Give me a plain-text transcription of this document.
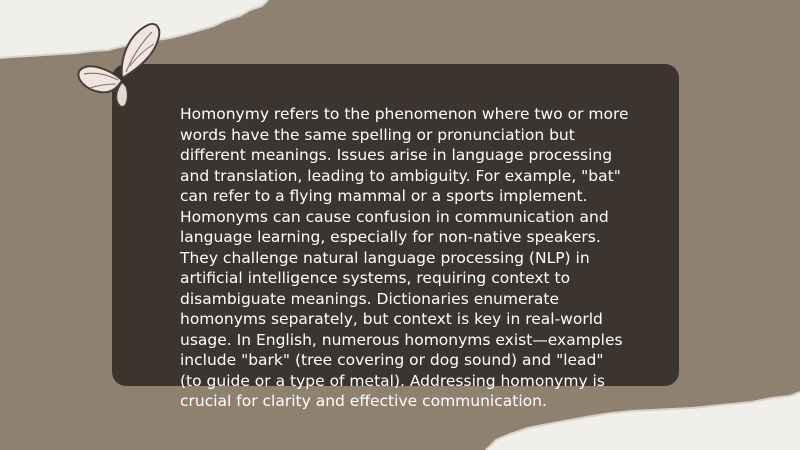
Homonymy refers to the phenomenon where two or more words have the same spelling or pronunciation but different meanings. Issues arise in language processing and translation, leading to ambiguity. For example, "bat" can refer to a flying mammal or a sports implement. Homonyms can cause confusion in communication and language learning, especially for non-native speakers. They challenge natural language processing (NLP) in artificial intelligence systems, requiring context to disambiguate meanings. Dictionaries enumerate homonyms separately, but context is key in real-world usage. In English, numerous homonyms exist—examples include "bark" (tree covering or dog sound) and "lead" (to guide or a type of metal). Addressing homonymy is crucial for clarity and effective communication.
